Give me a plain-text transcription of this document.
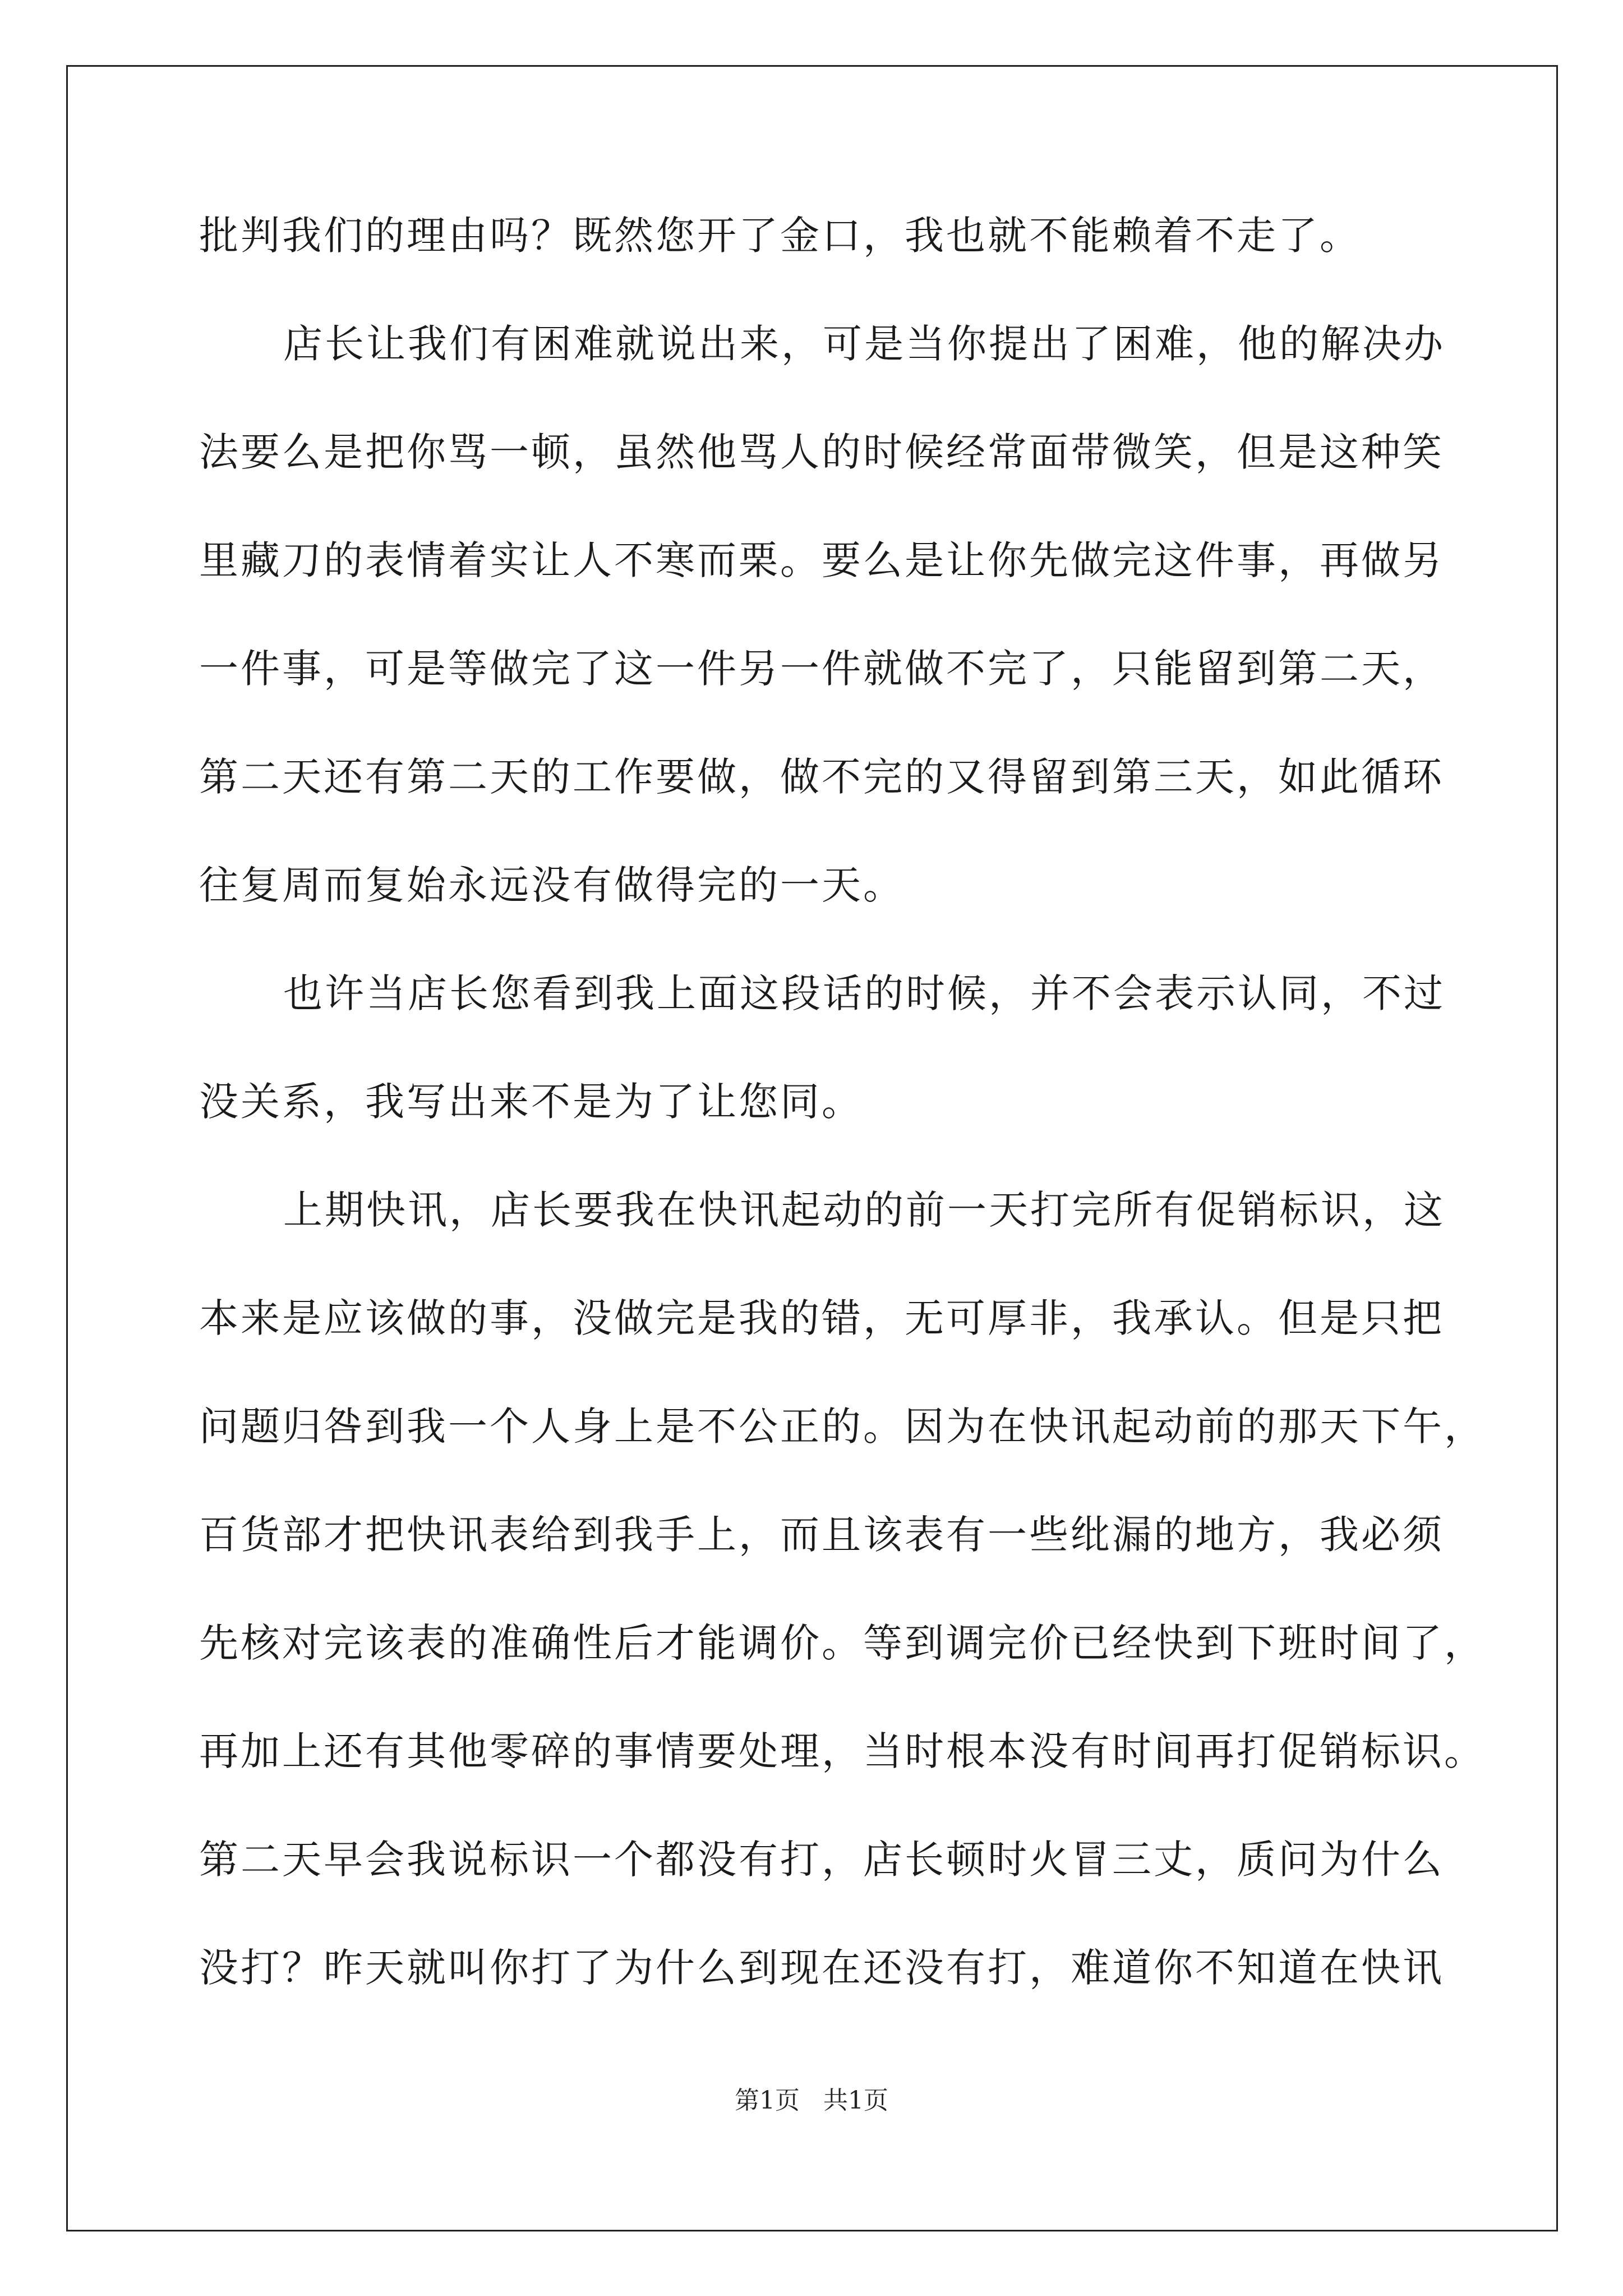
批判我们的理由吗？既然您开了金口，我也就不能赖着不走了。
店长让我们有困难就说出来，可是当你提出了困难，他的解决办
法要么是把你骂一顿，虽然他骂人的时候经常面带微笑，但是这种笑
里藏刀的表情着实让人不寒而栗。要么是让你先做完这件事，再做另
一件事，可是等做完了这一件另一件就做不完了，只能留到第二天，
第二天还有第二天的工作要做，做不完的又得留到第三天，如此循环
往复周而复始永远没有做得完的一天。
也许当店长您看到我上面这段话的时候，并不会表示认同，不过
没关系，我写出来不是为了让您同。
上期快讯，店长要我在快讯起动的前一天打完所有促销标识，这
本来是应该做的事，没做完是我的错，无可厚非，我承认。但是只把
问题归咎到我一个人身上是不公正的。因为在快讯起动前的那天下午，
百货部才把快讯表给到我手上，而且该表有一些纰漏的地方，我必须
先核对完该表的准确性后才能调价。等到调完价已经快到下班时间了，
再加上还有其他零碎的事情要处理，当时根本没有时间再打促销标识。
第二天早会我说标识一个都没有打，店长顿时火冒三丈，质问为什么
没打？昨天就叫你打了为什么到现在还没有打，难道你不知道在快讯
第1页 共1页
